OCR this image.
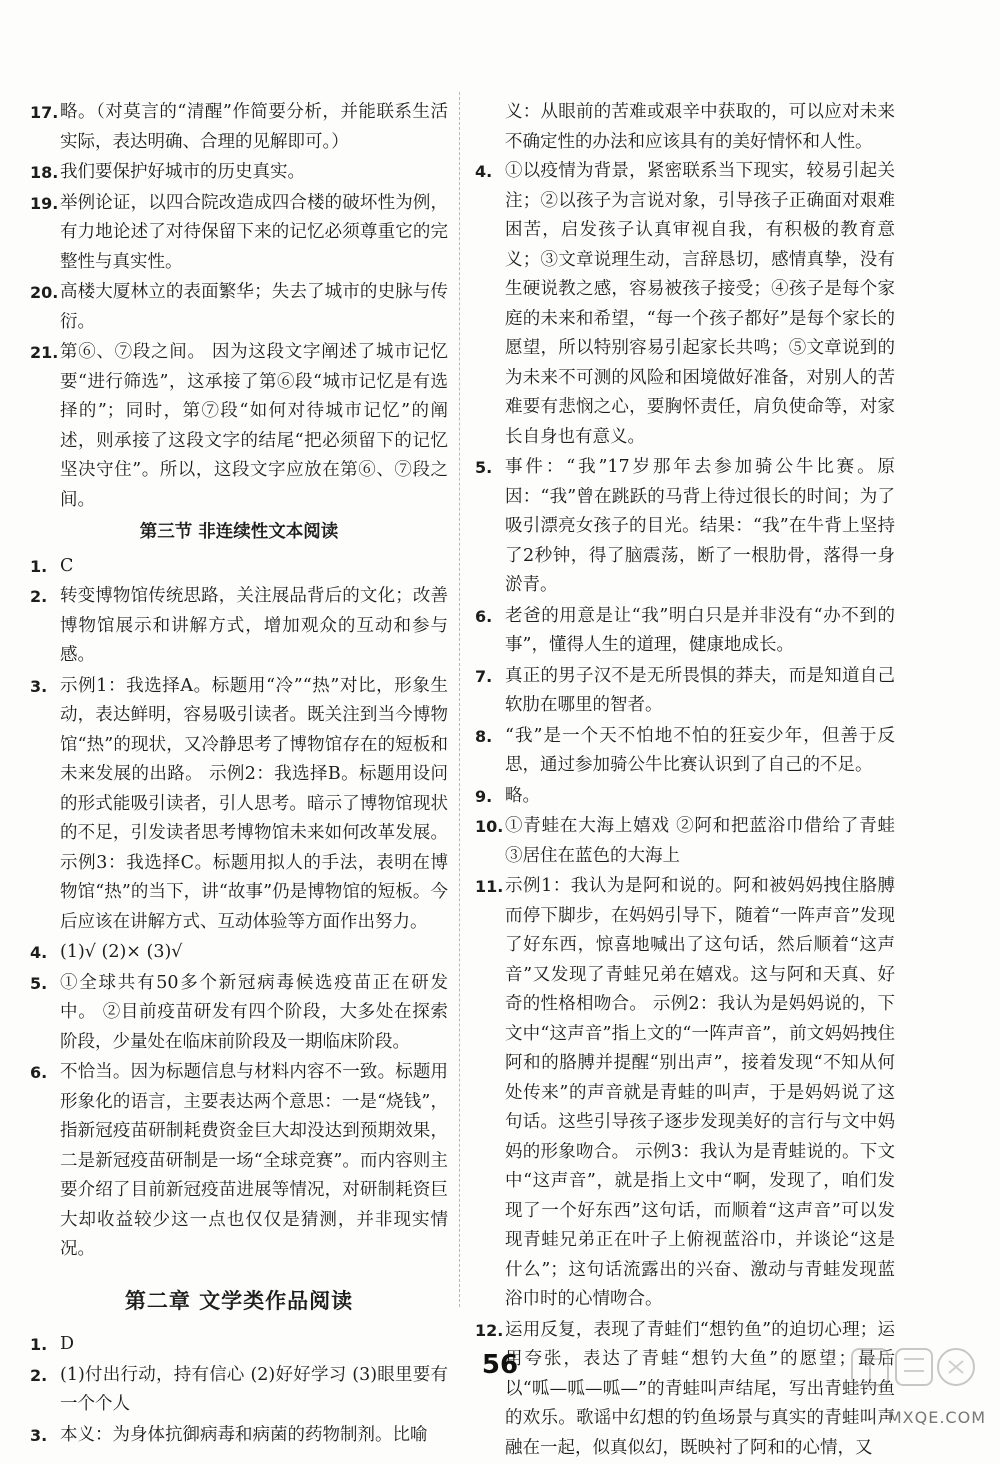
17. 略。（对莫言的“清醒”作简要分析，并能联系生活实际，表达明确、合理的见解即可。）
18. 我们要保护好城市的历史真实。
19. 举例论证，以四合院改造成四合楼的破坏性为例，有力地论述了对待保留下来的记忆必须尊重它的完整性与真实性。
20. 高楼大厦林立的表面繁华；失去了城市的史脉与传衍。
21. 第⑥、⑦段之间。 因为这段文字阐述了城市记忆要“进行筛选”，这承接了第⑥段“城市记忆是有选择的”；同时，第⑦段“如何对待城市记忆”的阐述，则承接了这段文字的结尾“把必须留下的记忆坚决守住”。所以，这段文字应放在第⑥、⑦段之间。
第三节 非连续性文本阅读
1. C
2. 转变博物馆传统思路，关注展品背后的文化；改善博物馆展示和讲解方式，增加观众的互动和参与感。
3. 示例1：我选择A。标题用“冷”“热”对比，形象生动，表达鲜明，容易吸引读者。既关注到当今博物馆“热”的现状，又冷静思考了博物馆存在的短板和未来发展的出路。 示例2：我选择B。标题用设问的形式能吸引读者，引人思考。暗示了博物馆现状的不足，引发读者思考博物馆未来如何改革发展。 示例3：我选择C。标题用拟人的手法，表明在博物馆“热”的当下，讲“故事”仍是博物馆的短板。今后应该在讲解方式、互动体验等方面作出努力。
4. (1)√ (2)× (3)√
5. ①全球共有50多个新冠病毒候选疫苗正在研发中。 ②目前疫苗研发有四个阶段，大多处在探索阶段，少量处在临床前阶段及一期临床阶段。
6. 不恰当。因为标题信息与材料内容不一致。标题用形象化的语言，主要表达两个意思：一是“烧钱”，指新冠疫苗研制耗费资金巨大却没达到预期效果，二是新冠疫苗研制是一场“全球竞赛”。而内容则主要介绍了目前新冠疫苗进展等情况，对研制耗资巨大却收益较少这一点也仅仅是猜测，并非现实情况。
第二章 文学类作品阅读
1. D
2. (1)付出行动，持有信心 (2)好好学习 (3)眼里要有一个个人
3. 本义：为身体抗御病毒和病菌的药物制剂。比喻
义：从眼前的苦难或艰辛中获取的，可以应对未来不确定性的办法和应该具有的美好情怀和人性。
4. ①以疫情为背景，紧密联系当下现实，较易引起关注；②以孩子为言说对象，引导孩子正确面对艰难困苦，启发孩子认真审视自我，有积极的教育意义；③文章说理生动，言辞恳切，感情真挚，没有生硬说教之感，容易被孩子接受；④孩子是每个家庭的未来和希望，“每一个孩子都好”是每个家长的愿望，所以特别容易引起家长共鸣；⑤文章说到的为未来不可测的风险和困境做好准备，对别人的苦难要有悲悯之心，要胸怀责任，肩负使命等，对家长自身也有意义。
5. 事件：“我”17岁那年去参加骑公牛比赛。原因：“我”曾在跳跃的马背上待过很长的时间；为了吸引漂亮女孩子的目光。结果：“我”在牛背上坚持了2秒钟，得了脑震荡，断了一根肋骨，落得一身淤青。
6. 老爸的用意是让“我”明白只是并非没有“办不到的事”，懂得人生的道理，健康地成长。
7. 真正的男子汉不是无所畏惧的莽夫，而是知道自己软肋在哪里的智者。
8. “我”是一个天不怕地不怕的狂妄少年，但善于反思，通过参加骑公牛比赛认识到了自己的不足。
9. 略。
10. ①青蛙在大海上嬉戏 ②阿和把蓝浴巾借给了青蛙 ③居住在蓝色的大海上
11. 示例1：我认为是阿和说的。阿和被妈妈拽住胳膊而停下脚步，在妈妈引导下，随着“一阵声音”发现了好东西，惊喜地喊出了这句话，然后顺着“这声音”又发现了青蛙兄弟在嬉戏。这与阿和天真、好奇的性格相吻合。 示例2：我认为是妈妈说的，下文中“这声音”指上文的“一阵声音”，前文妈妈拽住阿和的胳膊并提醒“别出声”，接着发现“不知从何处传来”的声音就是青蛙的叫声，于是妈妈说了这句话。这些引导孩子逐步发现美好的言行与文中妈妈的形象吻合。 示例3：我认为是青蛙说的。下文中“这声音”，就是指上文中“啊，发现了，咱们发现了一个好东西”这句话，而顺着“这声音”可以发现青蛙兄弟正在叶子上俯视蓝浴巾，并谈论“这是什么”；这句话流露出的兴奋、激动与青蛙发现蓝浴巾时的心情吻合。
12. 运用反复，表现了青蛙们“想钓鱼”的迫切心理；运用夸张，表达了青蛙“想钓大鱼”的愿望；最后以“呱—呱—呱—”的青蛙叫声结尾，写出青蛙钓鱼的欢乐。歌谣中幻想的钓鱼场景与真实的青蛙叫声融在一起，似真似幻，既映衬了阿和的心情，又
56
MXQE.COM
